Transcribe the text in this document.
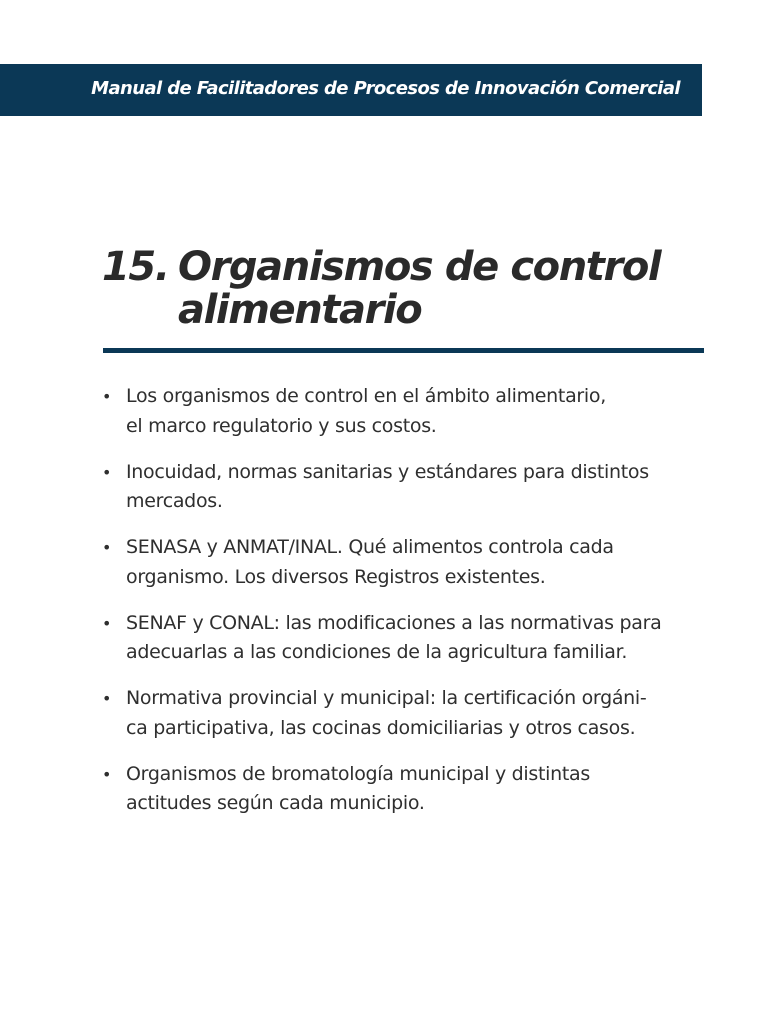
Manual de Facilitadores de Procesos de Innovación Comercial
15. Organismos de control
alimentario
• Los organismos de control en el ámbito alimentario,
el marco regulatorio y sus costos.
• Inocuidad, normas sanitarias y estándares para distintos
mercados.
• SENASA y ANMAT/INAL. Qué alimentos controla cada
organismo. Los diversos Registros existentes.
• SENAF y CONAL: las modificaciones a las normativas para
adecuarlas a las condiciones de la agricultura familiar.
• Normativa provincial y municipal: la certificación orgáni-
ca participativa, las cocinas domiciliarias y otros casos.
• Organismos de bromatología municipal y distintas
actitudes según cada municipio.
